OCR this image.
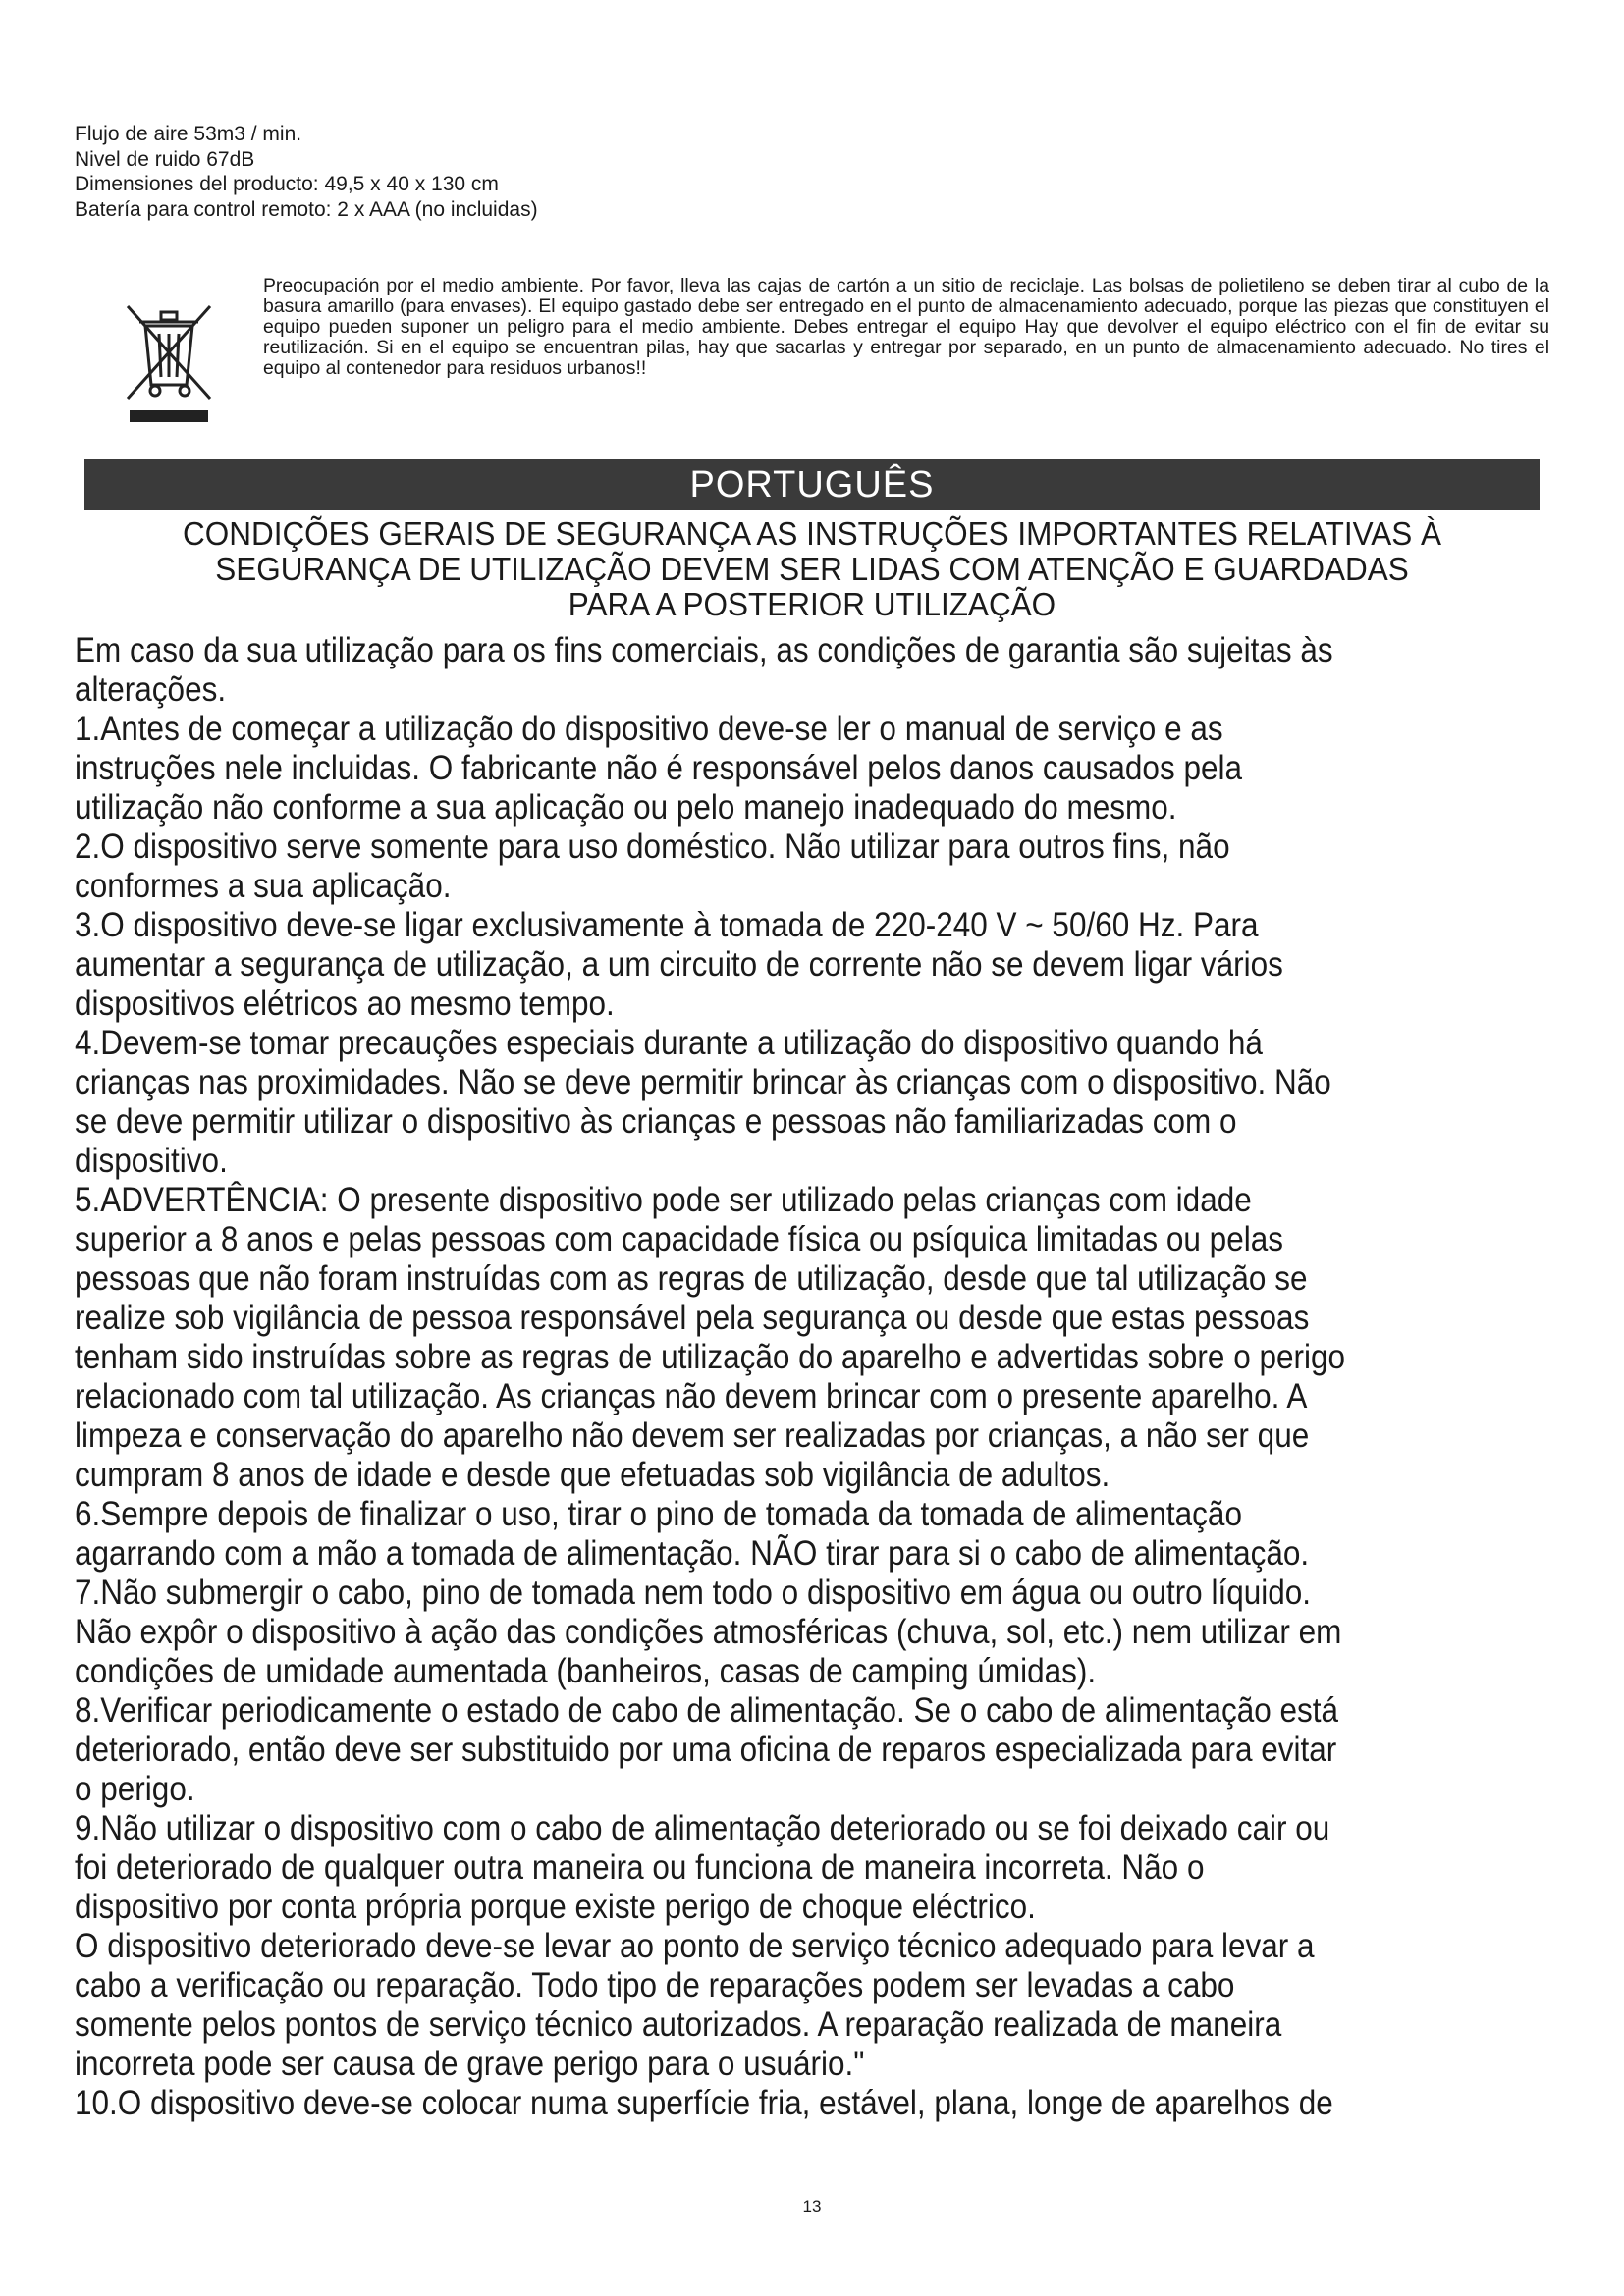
Flujo de aire 53m3 / min.
Nivel de ruido 67dB
Dimensiones del producto: 49,5 x 40 x 130 cm
Batería para control remoto: 2 x AAA (no incluidas)
Preocupación por el medio ambiente. Por favor, lleva las cajas de cartón a un sitio de reciclaje. Las bolsas de polietileno se deben tirar al cubo de la basura amarillo (para envases). El equipo gastado debe ser entregado en el punto de almacenamiento adecuado, porque las piezas que constituyen el equipo pueden suponer un peligro para el medio ambiente. Debes entregar el equipo Hay que devolver el equipo eléctrico con el fin de evitar su reutilización. Si en el equipo se encuentran pilas, hay que sacarlas y entregar por separado, en un punto de almacenamiento adecuado. No tires el equipo al contenedor para residuos urbanos!!
PORTUGUÊS
CONDIÇÕES GERAIS DE SEGURANÇA AS INSTRUÇÕES IMPORTANTES RELATIVAS À
SEGURANÇA DE UTILIZAÇÃO DEVEM SER LIDAS COM ATENÇÃO E GUARDADAS
PARA A POSTERIOR UTILIZAÇÃO

Em caso da sua utilização para os fins comerciais, as condições de garantia são sujeitas às

alterações.

1.Antes de começar a utilização do dispositivo deve-se ler o manual de serviço e as

instruções nele incluidas. O fabricante não é responsável pelos danos causados pela

utilização não conforme a sua aplicação ou pelo manejo inadequado do mesmo.

2.O dispositivo serve somente para uso doméstico. Não utilizar para outros fins, não

conformes a sua aplicação.

3.O dispositivo deve-se ligar exclusivamente à tomada de 220-240 V ~ 50/60 Hz. Para

aumentar a segurança de utilização, a um circuito de corrente não se devem ligar vários

dispositivos elétricos ao mesmo tempo.

4.Devem-se tomar precauções especiais durante a utilização do dispositivo quando há

crianças nas proximidades. Não se deve permitir brincar às crianças com o dispositivo. Não

se deve permitir utilizar o dispositivo às crianças e pessoas não familiarizadas com o

dispositivo.

5.ADVERTÊNCIA: O presente dispositivo pode ser utilizado pelas crianças com idade

superior a 8 anos e pelas pessoas com capacidade física ou psíquica limitadas ou pelas

pessoas que não foram instruídas com as regras de utilização, desde que tal utilização se

realize sob vigilância de pessoa responsável pela segurança ou desde que estas pessoas

tenham sido instruídas sobre as regras de utilização do aparelho e advertidas sobre o perigo

relacionado com tal utilização. As crianças não devem brincar com o presente aparelho. A

limpeza e conservação do aparelho não devem ser realizadas por crianças, a não ser que

cumpram 8 anos de idade e desde que efetuadas sob vigilância de adultos.

6.Sempre depois de finalizar o uso, tirar o pino de tomada da tomada de alimentação

agarrando com a mão a tomada de alimentação. NÃO tirar para si o cabo de alimentação.

7.Não submergir o cabo, pino de tomada nem todo o dispositivo em água ou outro líquido.

Não expôr o dispositivo à ação das condições atmosféricas (chuva, sol, etc.) nem utilizar em

condições de umidade aumentada (banheiros, casas de camping úmidas).

8.Verificar periodicamente o estado de cabo de alimentação. Se o cabo de alimentação está

deteriorado, então deve ser substituido por uma oficina de reparos especializada para evitar

o perigo.

9.Não utilizar o dispositivo com o cabo de alimentação deteriorado ou se foi deixado cair ou

foi deteriorado de qualquer outra maneira ou funciona de maneira incorreta. Não o

dispositivo por conta própria porque existe perigo de choque eléctrico.

O dispositivo deteriorado deve-se levar ao ponto de serviço técnico adequado para levar a

cabo a verificação ou reparação. Todo tipo de reparações podem ser levadas a cabo

somente pelos pontos de serviço técnico autorizados. A reparação realizada de maneira

incorreta pode ser causa de grave perigo para o usuário."

10.O dispositivo deve-se colocar numa superfície fria, estável, plana, longe de aparelhos de

13
